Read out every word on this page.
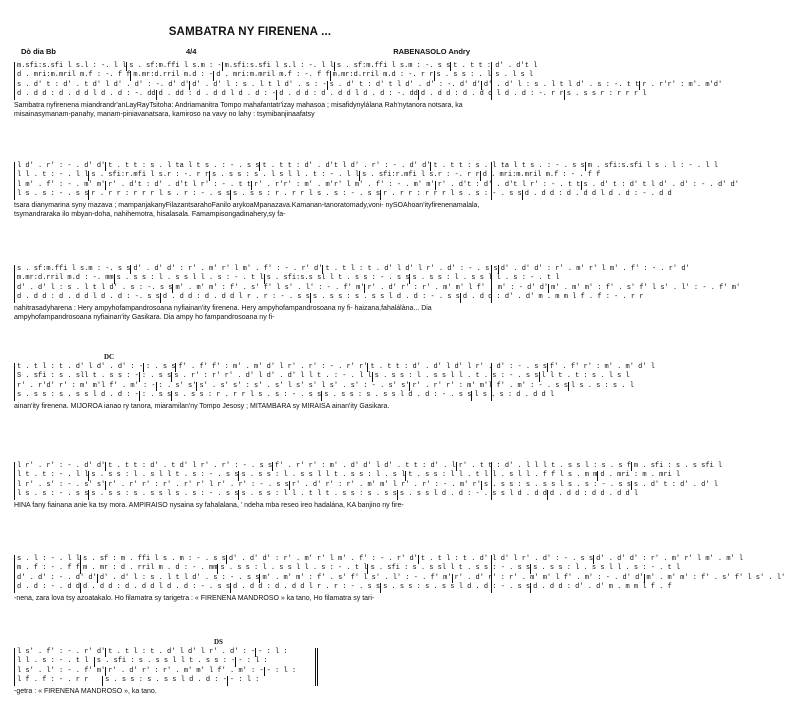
SAMBATRA NY FIRENENA ...
Dò dia Bb	4/4	RABENASOLO Andry
m.sfi:s.sfi l s.l : -. l l s . sf:m.ffi l s.m : - m.sfi:s.sfi l s.l : -. l l s . sf:m.ffi l s.m : -. s s t . t t : d' . d't l
d . mri:m.mril m.f : -. f f m.mr:d.rril m.d : - d . mri:m.mril m.f : -. f f m.mr:d.rril m.d : -. r r s . s s : . l s . l s l
s . d' t : d' . t d' l d' . d' : -. d' d' d' . d' l : s . l t l d' . s : - s . d' t : d' t l d' . d' : -. d' d' d' . d' l : s . l t l d' . s : -. t t r . r'r' : m'. m'd'
d . d d : d . d d l d . d : -. dd d . dd : d . d d l d . d : - d . d d : d . d d l d . d : -. dd d . d d : d . d d l d . d : -. r r s . s s r : r r r l
Sambatra nyfirenena miandrandr'anLayRayTsitoha: Andriamanitra Tompo mahafantatr'izay mahasoa ; misafidynylálana Rah'nytanora notsara, ka misainasymanam-panahy, manam-piniavanatsara, kamiroso na vavy no lahy : tsymibanjinaafatsy
l d' . r' : - . d' d' t . t t : s . l ta l t s . : - . s s t . t t : d' . d't l d' . r' : - . d' d' t . t t : s . l ta l t s . : - . s s m . sfi:s.sfi l s . l : - . l l
l l . t : - . l l s . sfi:r.mfi l s.r : -. r r s . s s : s . l s l l . t : - . l l s . sfi:r.mfi l s.r : -. r r d . mri:m.mril m.f : - . f f
l m' . f' : - . m' m' r' . d't : d' . d't l r' : - . t t r' . r'r' : m' . m'r' l m' . f' : - . m' m' r' . d't : d' . d't l r' : - . t t s . d' t : d' t l d' . d' : - . d' d'
l s . s : - . s s r . r r : r r r l s . r : - . s s s . s s : r . r r l s . s : - . s s r . r r : r r r l s . s : - . s s d . d d : d . d d l d . d : - . d d
tsara dianymarina syny mazava ; mampanjakanyFilazantsarahoFanilo arykoaMpanazava.Kamanan-tanoratomady,voni- nySOAhoan'ityfirenenamalala, tsymandraraka ilo mbyan-doha, nahihemotra, hisalasala. Famampisongadinahery,sy fa-
s . sf:m.ffi l s.m : -. s s d' . d' d' : r' . m' r' l m' . f' : - . r' d' t . t l : t . d' l d' l r' . d' : - . s s d' . d' d' : r' . m' r' l m' . f' : - . r' d'
m.mr:d.rril m.d : -. mm s . s s : l . s s l l . s : - . t l s . sfi:s.s sl l t . s s : - . s s s . s s : l . s s l l . s : - . t l
d' . d' l : s . l t l d' . s : -. s s m' . m' m' : f' . s' f' l s' . l' : - . f' m' r' . d' r' : r' . m' m' l f' . m' : - d' d' m' . m' m' : f' . s' f' l s' . l' : - . f' m'
d . d d : d . d d l d . d : -. s s d . d d : d . d d l r . r : - . s s s . s s : s . s s l d . d : - . s s d . d d : d' . d' m . m m l f . f : - . r r
nahitrasadyharena : Hery ampyhofampandrosoana nyfiainan'ity firenena. Hery ampyhofampandrosoana ny fi- haizana,fahalálàna... Dia ampyhofampandrosoana nyfiainan'ity Gasikara. Dia ampy ho fampandrosoana ny fi-
DC
t . t l : t . d' l d' . d' : - : . s s f' . f' f' : m' . m' d' l r' . r' : - . r' r' t . t t : d' . d' l d' l r' . d' : - . s s f' . f' r' : m' . m' d' l
S . sfi : s . sll t . s s : - : . s s s . r' : r' r' . d' l d' . d' l l t . : - . l l s . s s : l . s s l l . t . s : - . s s l l t . t : s . l s l
r' . r'd' r' : m' m'l f' . m' : - : . s' s' s' . s' s' : s' . s' l s' s' l s' . s' : - . s' s' r' . r' r' : m' m'l f' . m' : - . s s l s . s : s . l
s . s s : s . s s l d . d : - : . s s s . s s : r . r r l s . s : - . s s s . s s : s . s s l d . d : - . s s l s . s : d . d d l
ainan'ity firenena. MIJOROA ianao ry tanora, miaramilan'ny Tompo Jesosy ; MITAMBARA sy MIRAISA ainan'ity Gasikara.
l r' . r' : - . d' d' t . t t : d' . t d' l r' . r' : - . s s f' . r' r' : m' . d' d' l d' . t t : d' . l r' . t t : d' . l l l t . s s l : s . s f m . sfi : s . s sfi l
l t . t : - . l l s . s s : l . s l l t . s : - . s s s . s s : l . s s l l t . s s : l . s l t . s s : l l . t l l . s l l . f f l s . m m d . mri : m . mri l
l r' . s' : - . s' s' r' . r' r' : r' . r' r' l r' . r' : - . s s r' . d' r' : r' . m' m' l r' . r' : - . m' r' s . s s : s . s s l s . s : - . s s s . d' t : d' . d' l
l s . s : - . s s s . s s : s . s s l s . s : - . s s s . s s : l l . t l t . s s : s . s s s . s s l d . d : - . s s l d . d d d . d d : d d . d d l
HINA fany fiainana anie ka tsy mora. AMPIRAISO nysaina sy fahalalana, ' ndeha mba reseo ireo hadalána, KA banjino ny fire-
s . l : - . l l s . sf : m . ffi l s . m : - . s s d' . d' d' : r' . m' r' l m' . f' : - . r' d' t . t l : t . d' l d' l r' . d' : - . s s d' . d' d' : r' . m' r' l m' . m' l
m . f : - . f f m . mr : d . rril m . d : - . mm s . s s : l . s s l l . s : - . t l s . sfi : s . s sl l t . s s : - . s s s . s s : l . s s l l . s : - . t l
d' . d' : - . d' d' d' . d' l : s . l t l d' . s : - . s s m' . m' m' : f' . s' f' l s' . l' : - . f' m' r' . d' r' : r' . m' m' l f' . m' : - . d' d' m' . m' m' : f' . s' f' l s' . l'
d . d : - . d d d . d d : d . d d l d . d : - . s s d . d d : d . d d l r . r : - . s s s . s s : s . s s l d . d : - . s s d . d d : d' . d' m . m m l f . f
-nena, zara lova tsy azoatakalo. Ho filamatra sy tarigetra : « FIRENENA MANDROSO » ka tano, Ho filamatra sy tari-
DS
l s' . f' : - . r' d' t . t l : t . d' l d' l r' . d' : - - : l :
l l . s : - . t l	s . sfi : s . s s l l t . s s : - - : l :
l s' . l' : - . f' m' r' . d' r' : r' . m' m' l f' . m' : - - : l :
l f . f : - . r r	s . s s : s . s s l d . d : - - : l :
-getra : « FIRENENA MANDROSO », ka tano.
